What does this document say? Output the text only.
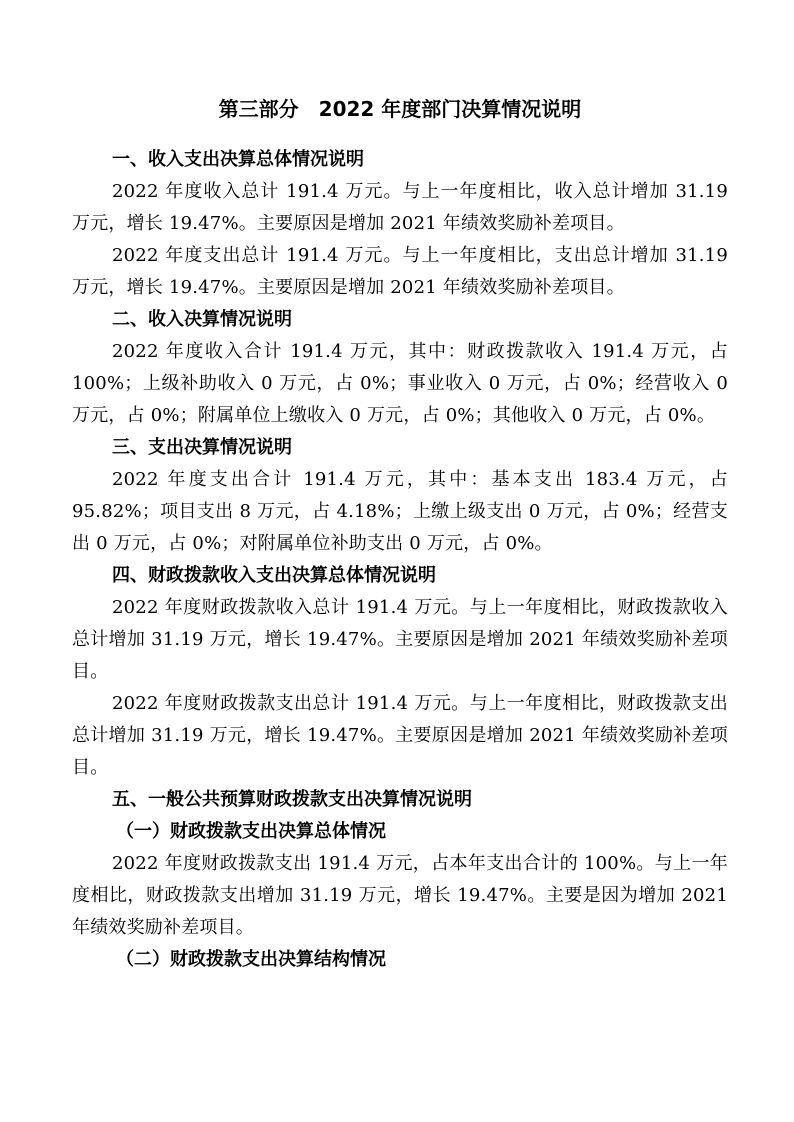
第三部分　2022 年度部门决算情况说明
一、收入支出决算总体情况说明

2022 年度收入总计 191.4 万元。与上一年度相比，收入总计增加 31.19 万元，增长 19.47%。主要原因是增加 2021 年绩效奖励补差项目。

2022 年度支出总计 191.4 万元。与上一年度相比，支出总计增加 31.19 万元，增长 19.47%。主要原因是增加 2021 年绩效奖励补差项目。

二、收入决算情况说明

2022 年度收入合计 191.4 万元，其中：财政拨款收入 191.4 万元，占 100%；上级补助收入 0 万元，占 0%；事业收入 0 万元，占 0%；经营收入 0 万元，占 0%；附属单位上缴收入 0 万元，占 0%；其他收入 0 万元，占 0%。

三、支出决算情况说明

2022 年度支出合计 191.4 万元，其中：基本支出 183.4 万元，占 95.82%；项目支出 8 万元，占 4.18%；上缴上级支出 0 万元，占 0%；经营支出 0 万元，占 0%；对附属单位补助支出 0 万元，占 0%。

四、财政拨款收入支出决算总体情况说明

2022 年度财政拨款收入总计 191.4 万元。与上一年度相比，财政拨款收入总计增加 31.19 万元，增长 19.47%。主要原因是增加 2021 年绩效奖励补差项目。

2022 年度财政拨款支出总计 191.4 万元。与上一年度相比，财政拨款支出总计增加 31.19 万元，增长 19.47%。主要原因是增加 2021 年绩效奖励补差项目。

五、一般公共预算财政拨款支出决算情况说明
（一）财政拨款支出决算总体情况

2022 年度财政拨款支出 191.4 万元，占本年支出合计的 100%。与上一年度相比，财政拨款支出增加 31.19 万元，增长 19.47%。主要是因为增加 2021 年绩效奖励补差项目。

（二）财政拨款支出决算结构情况
